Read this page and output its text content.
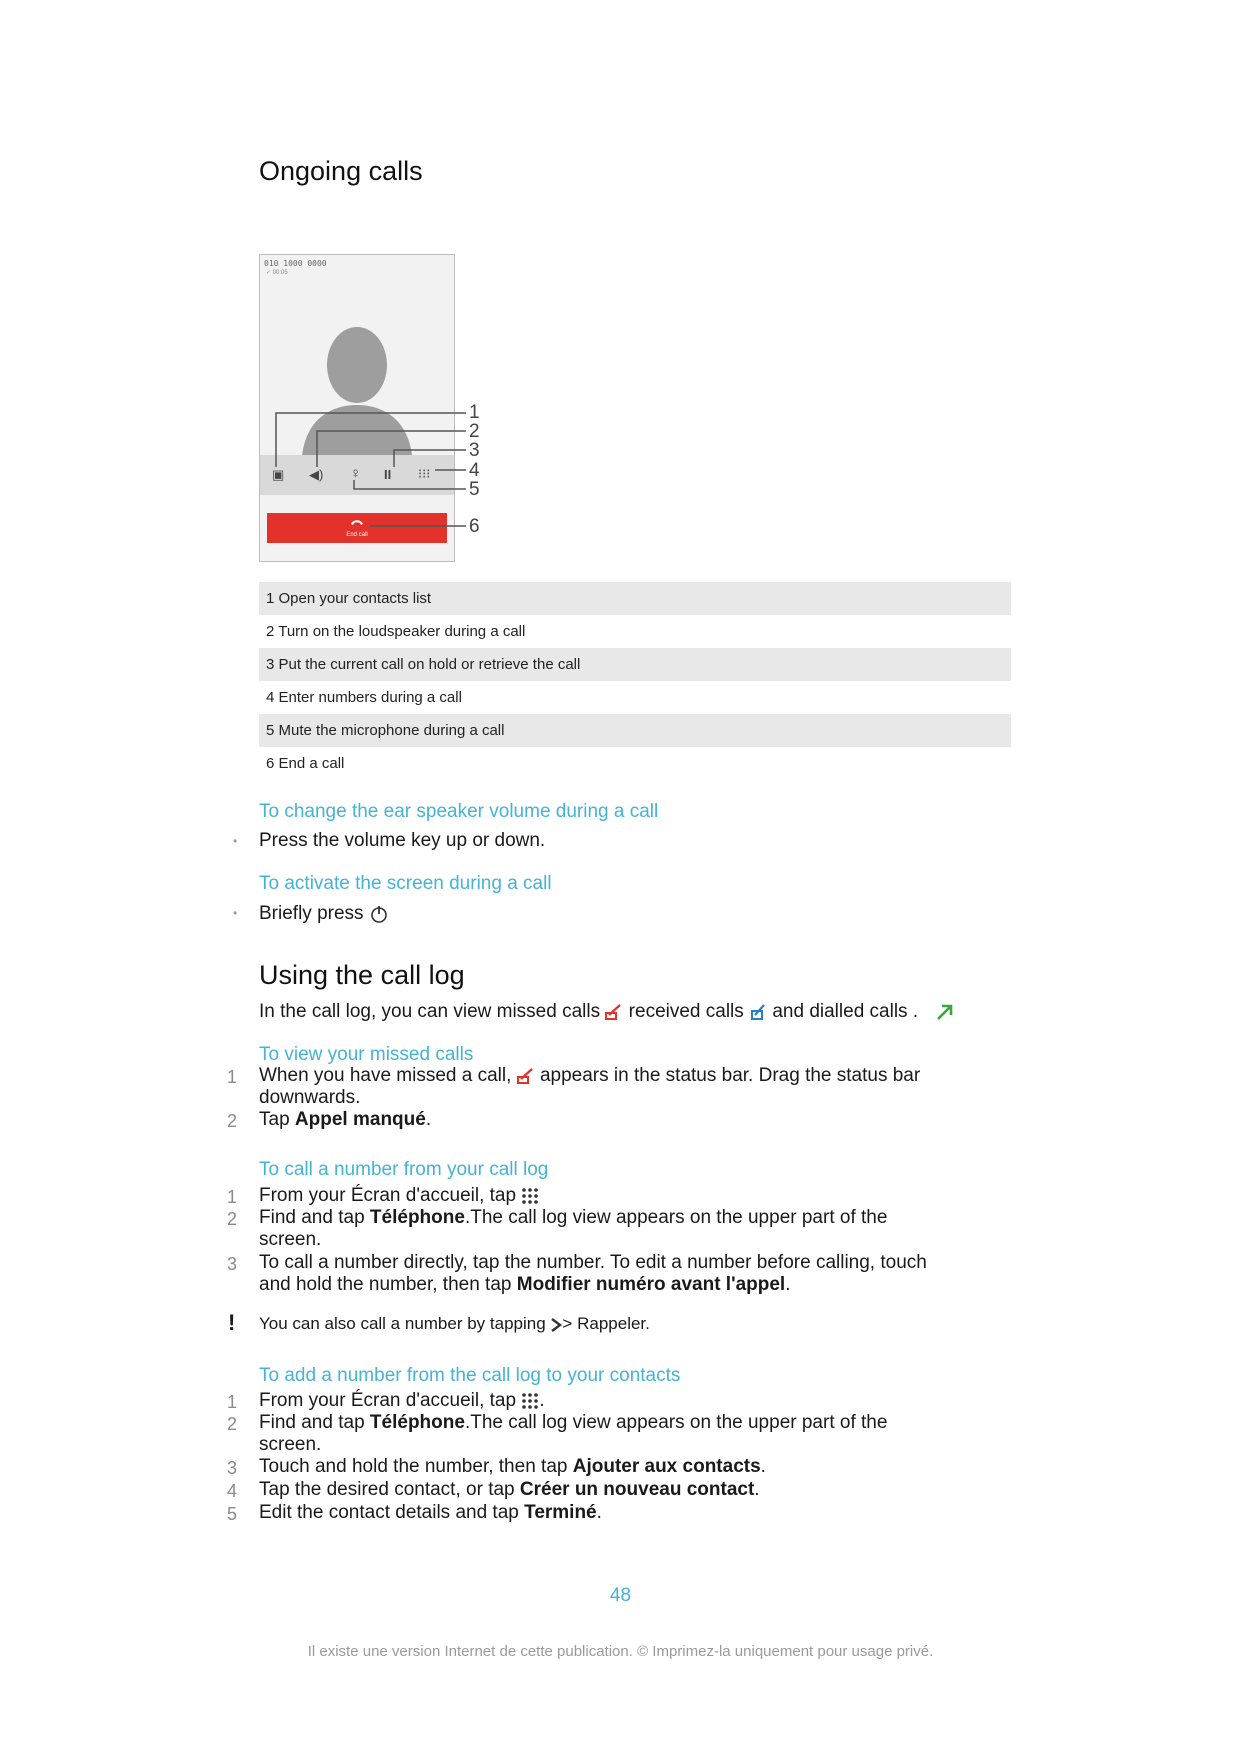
Ongoing calls
010 1000 0000
✓ 00:05
▣ ◀︎) ♀ II ⁝⁝⁝
End call
1
2
3
4
5
6
1 Open your contacts list
2 Turn on the loudspeaker during a call
3 Put the current call on hold or retrieve the call
4 Enter numbers during a call
5 Mute the microphone during a call
6 End a call
To change the ear speaker volume during a call
• Press the volume key up or down.
To activate the screen during a call
• Briefly press
Using the call log
In the call log, you can view missed calls received calls and dialled calls .
To view your missed calls
1 When you have missed a call, appears in the status bar. Drag the status bar
downwards.
2 Tap Appel manqué.
To call a number from your call log
1 From your Écran d'accueil, tap
2 Find and tap Téléphone.The call log view appears on the upper part of the
screen.
3 To call a number directly, tap the number. To edit a number before calling, touch
and hold the number, then tap Modifier numéro avant l'appel.
! You can also call a number by tapping > Rappeler.
To add a number from the call log to your contacts
1 From your Écran d'accueil, tap .
2 Find and tap Téléphone.The call log view appears on the upper part of the
screen.
3 Touch and hold the number, then tap Ajouter aux contacts.
4 Tap the desired contact, or tap Créer un nouveau contact.
5 Edit the contact details and tap Terminé.
48
Il existe une version Internet de cette publication. © Imprimez-la uniquement pour usage privé.
